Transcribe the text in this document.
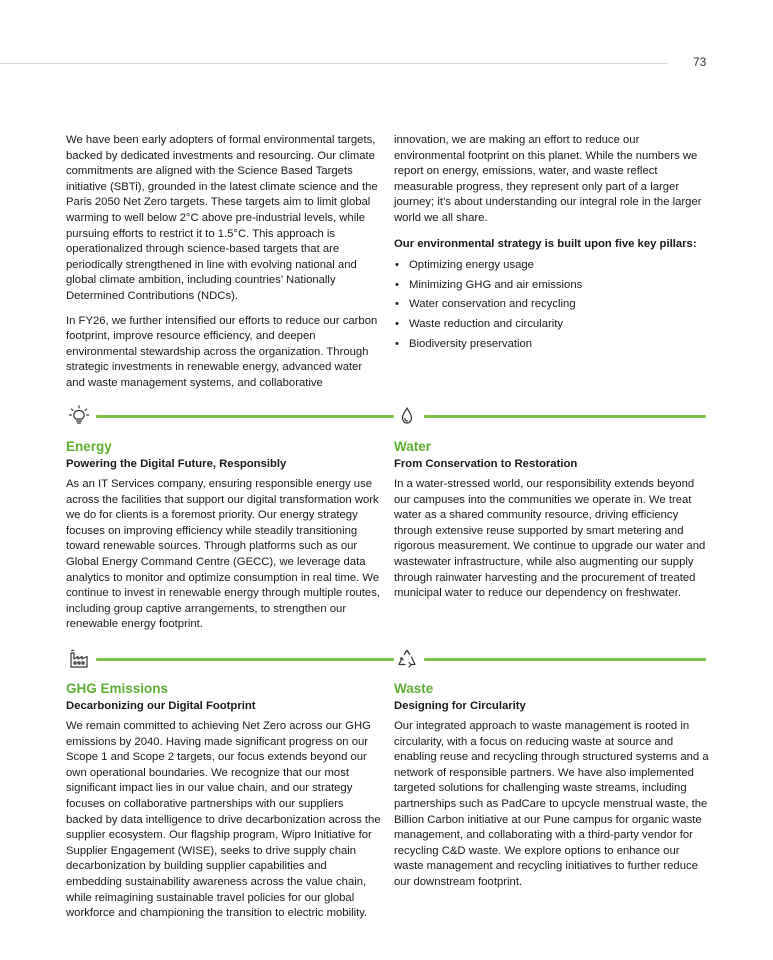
73

We have been early adopters of formal environmental targets, backed by dedicated investments and resourcing. Our climate commitments are aligned with the Science Based Targets initiative (SBTi), grounded in the latest climate science and the Paris 2050 Net Zero targets. These targets aim to limit global warming to well below 2°C above pre-industrial levels, while pursuing efforts to restrict it to 1.5°C. This approach is operationalized through science-based targets that are periodically strengthened in line with evolving national and global climate ambition, including countries’ Nationally Determined Contributions (NDCs).

In FY26, we further intensified our efforts to reduce our carbon footprint, improve resource efficiency, and deepen environmental stewardship across the organization. Through strategic investments in renewable energy, advanced water and waste management systems, and collaborative

innovation, we are making an effort to reduce our environmental footprint on this planet. While the numbers we report on energy, emissions, water, and waste reflect measurable progress, they represent only part of a larger journey; it’s about understanding our integral role in the larger world we all share.

Our environmental strategy is built upon five key pillars:
• Optimizing energy usage
• Minimizing GHG and air emissions
• Water conservation and recycling
• Waste reduction and circularity
• Biodiversity preservation
Energy
Powering the Digital Future, Responsibly

As an IT Services company, ensuring responsible energy use across the facilities that support our digital transformation work we do for clients is a foremost priority. Our energy strategy focuses on improving efficiency while steadily transitioning toward renewable sources. Through platforms such as our Global Energy Command Centre (GECC), we leverage data analytics to monitor and optimize consumption in real time. We continue to invest in renewable energy through multiple routes, including group captive arrangements, to strengthen our renewable energy footprint.

Water
From Conservation to Restoration

In a water-stressed world, our responsibility extends beyond our campuses into the communities we operate in. We treat water as a shared community resource, driving efficiency through extensive reuse supported by smart metering and rigorous measurement. We continue to upgrade our water and wastewater infrastructure, while also augmenting our supply through rainwater harvesting and the procurement of treated municipal water to reduce our dependency on freshwater.

GHG Emissions
Decarbonizing our Digital Footprint

We remain committed to achieving Net Zero across our GHG emissions by 2040. Having made significant progress on our Scope 1 and Scope 2 targets, our focus extends beyond our own operational boundaries. We recognize that our most significant impact lies in our value chain, and our strategy focuses on collaborative partnerships with our suppliers backed by data intelligence to drive decarbonization across the supplier ecosystem. Our flagship program, Wipro Initiative for Supplier Engagement (WISE), seeks to drive supply chain decarbonization by building supplier capabilities and embedding sustainability awareness across the value chain, while reimagining sustainable travel policies for our global workforce and championing the transition to electric mobility.

Waste
Designing for Circularity

Our integrated approach to waste management is rooted in circularity, with a focus on reducing waste at source and enabling reuse and recycling through structured systems and a network of responsible partners. We have also implemented targeted solutions for challenging waste streams, including partnerships such as PadCare to upcycle menstrual waste, the Billion Carbon initiative at our Pune campus for organic waste management, and collaborating with a third-party vendor for recycling C&D waste. We explore options to enhance our waste management and recycling initiatives to further reduce our downstream footprint.
